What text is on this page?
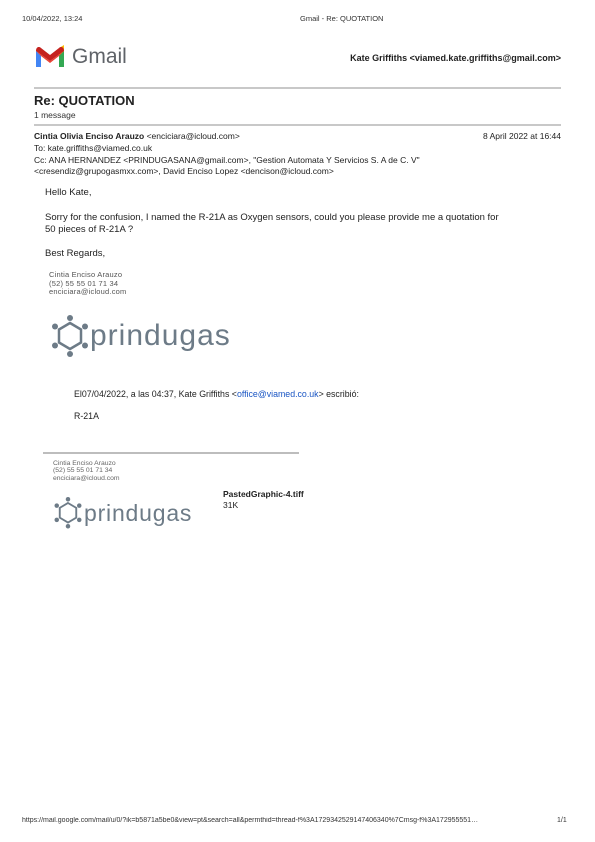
10/04/2022, 13:24	Gmail - Re: QUOTATION
Gmail	Kate Griffiths <viamed.kate.griffiths@gmail.com>
Re: QUOTATION
1 message
Cintia Olivia Enciso Arauzo <enciciara@icloud.com>	8 April 2022 at 16:44
To: kate.griffiths@viamed.co.uk
Cc: ANA HERNANDEZ <PRINDUGASANA@gmail.com>, "Gestion Automata Y Servicios S. A de C. V"
<cresendiz@grupogasmxx.com>, David Enciso Lopez <dencison@icloud.com>
Hello Kate,
Sorry for the confusion, I named the R-21A as Oxygen sensors, could you please provide me a quotation for
50 pieces of R-21A ?
Best Regards,
Cintia Enciso Arauzo
(52) 55 55 01 71 34
enciciara@icloud.com
prindugas
El07/04/2022, a las 04:37, Kate Griffiths <office@viamed.co.uk> escribió:
R-21A
Cintia Enciso Arauzo
(52) 55 55 01 71 34
enciciara@icloud.com
prindugas
PastedGraphic-4.tiff
31K
https://mail.google.com/mail/u/0/?ik=b5871a5be0&view=pt&search=all&permthid=thread-f%3A1729342529147406340%7Cmsg-f%3A172955551…	1/1
